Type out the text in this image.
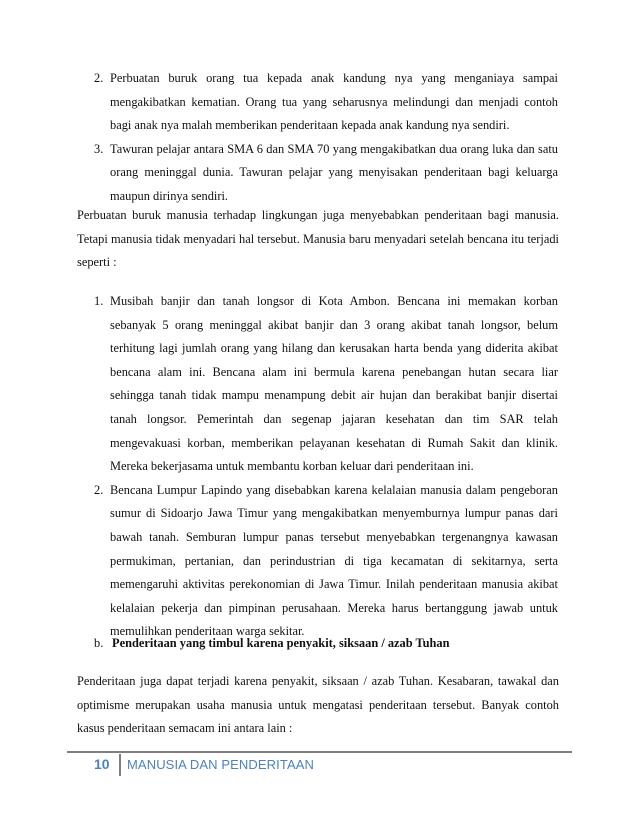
2. Perbuatan buruk orang tua kepada anak kandung nya yang menganiaya sampai mengakibatkan kematian. Orang tua yang seharusnya melindungi dan menjadi contoh bagi anak nya malah memberikan penderitaan kepada anak kandung nya sendiri.
3. Tawuran pelajar antara SMA 6 dan SMA 70 yang mengakibatkan dua orang luka dan satu orang meninggal dunia. Tawuran pelajar yang menyisakan penderitaan bagi keluarga maupun dirinya sendiri.

Perbuatan buruk manusia terhadap lingkungan juga menyebabkan penderitaan bagi manusia. Tetapi manusia tidak menyadari hal tersebut. Manusia baru menyadari setelah bencana itu terjadi seperti :

1. Musibah banjir dan tanah longsor di Kota Ambon. Bencana ini memakan korban sebanyak 5 orang meninggal akibat banjir dan 3 orang akibat tanah longsor, belum terhitung lagi jumlah orang yang hilang dan kerusakan harta benda yang diderita akibat bencana alam ini. Bencana alam ini bermula karena penebangan hutan secara liar sehingga tanah tidak mampu menampung debit air hujan dan berakibat banjir disertai tanah longsor. Pemerintah dan segenap jajaran kesehatan dan tim SAR telah mengevakuasi korban, memberikan pelayanan kesehatan di Rumah Sakit dan klinik. Mereka bekerjasama untuk membantu korban keluar dari penderitaan ini.
2. Bencana Lumpur Lapindo yang disebabkan karena kelalaian manusia dalam pengeboran sumur di Sidoarjo Jawa Timur yang mengakibatkan menyemburnya lumpur panas dari bawah tanah. Semburan lumpur panas tersebut menyebabkan tergenangnya kawasan permukiman, pertanian, dan perindustrian di tiga kecamatan di sekitarnya, serta memengaruhi aktivitas perekonomian di Jawa Timur. Inilah penderitaan manusia akibat kelalaian pekerja dan pimpinan perusahaan. Mereka harus bertanggung jawab untuk memulihkan penderitaan warga sekitar.
b. Penderitaan yang timbul karena penyakit, siksaan / azab Tuhan

Penderitaan juga dapat terjadi karena penyakit, siksaan / azab Tuhan. Kesabaran, tawakal dan optimisme merupakan usaha manusia untuk mengatasi penderitaan tersebut. Banyak contoh kasus penderitaan semacam ini antara lain :

10 MANUSIA DAN PENDERITAAN
